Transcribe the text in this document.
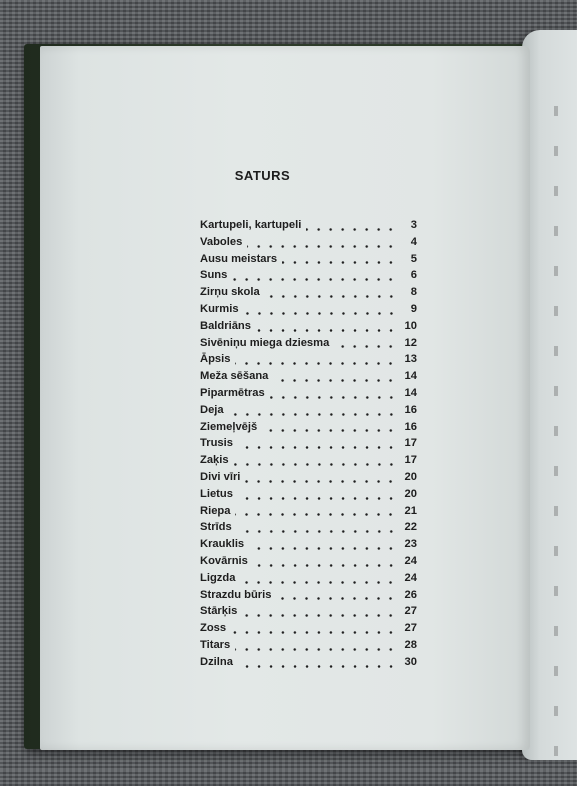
SATURS
Kartupeli, kartupeli	3
Vaboles	4
Ausu meistars	5
Suns	6
Zirņu skola	8
Kurmis	9
Baldriāns	10
Sivēniņu miega dziesma	12
Āpsis	13
Meža sēšana	14
Piparmētras	14
Deja	16
Ziemeļvējš	16
Trusis	17
Zaķis	17
Divi vīri	20
Lietus	20
Riepa	21
Strīds	22
Krauklis	23
Kovārnis	24
Ligzda	24
Strazdu būris	26
Stārķis	27
Zoss	27
Titars	28
Dzilna	30
